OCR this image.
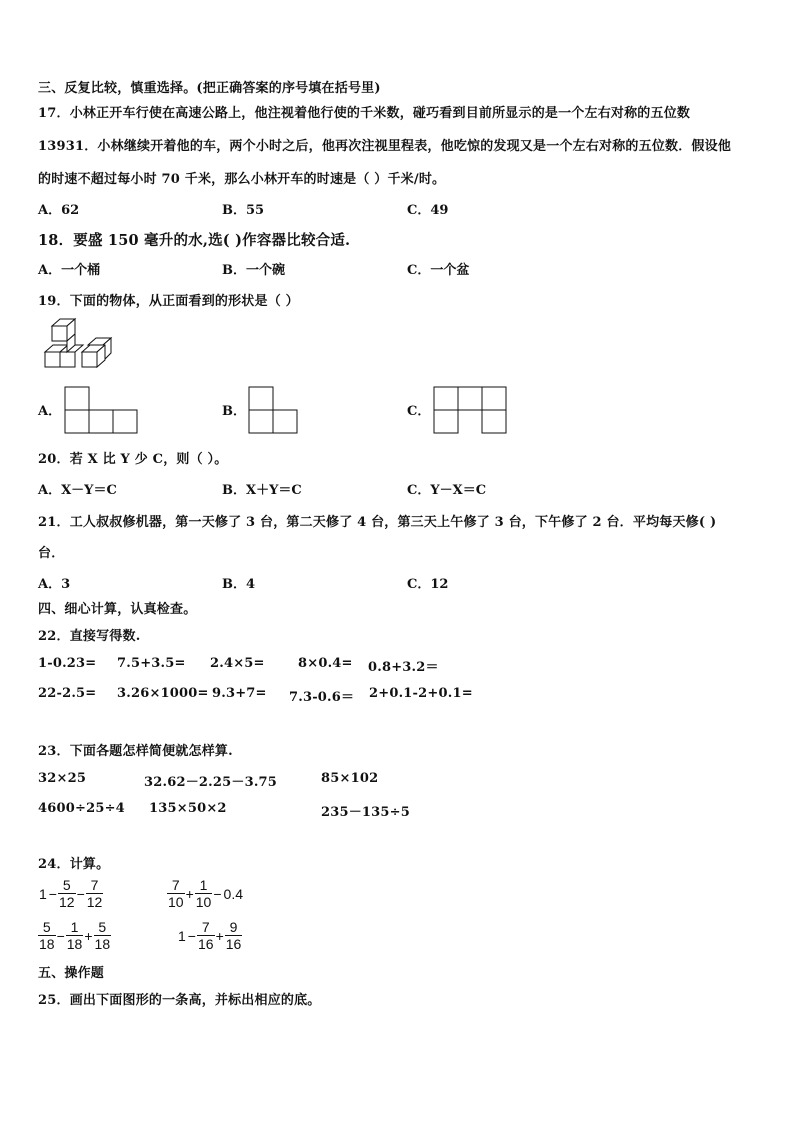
三、反复比较，慎重选择。(把正确答案的序号填在括号里)
17．小林正开车行使在高速公路上，他注视着他行使的千米数，碰巧看到目前所显示的是一个左右对称的五位数
13931．小林继续开着他的车，两个小时之后，他再次注视里程表，他吃惊的发现又是一个左右对称的五位数．假设他
的时速不超过每小时 70 千米，那么小林开车的时速是（ ）千米/时。
A．62	B．55	C．49
18．要盛 150 毫升的水,选( )作容器比较合适.
A．一个桶	B．一个碗	C．一个盆
19．下面的物体，从正面看到的形状是（ ）
A．	B．	C．
20．若 X 比 Y 少 C，则（ ）。
A．X－Y＝C	B．X＋Y＝C	C．Y－X＝C
21．工人叔叔修机器，第一天修了 3 台，第二天修了 4 台，第三天上午修了 3 台，下午修了 2 台．平均每天修( )
台．
A．3	B．4	C．12
四、细心计算，认真检查。
22．直接写得数.
1-0.23= 7.5+3.5= 2.4×5=	8×0.4= 0.8+3.2＝
22-2.5= 3.26×1000= 9.3+7= 7.3-0.6＝ 2+0.1-2+0.1=
23．下面各题怎样简便就怎样算.
32×25	32.62－2.25－3.75	85×102
4600÷25÷4 135×50×2	235－135÷5
24．计算。
$1 - \frac{5}{12} - \frac{7}{12}$	$\frac{7}{10} + \frac{1}{10} - 0.4$
$\frac{5}{18} - \frac{1}{18} + \frac{5}{18}$	$1 - \frac{7}{16} + \frac{9}{16}$
五、操作题
25．画出下面图形的一条高，并标出相应的底。
